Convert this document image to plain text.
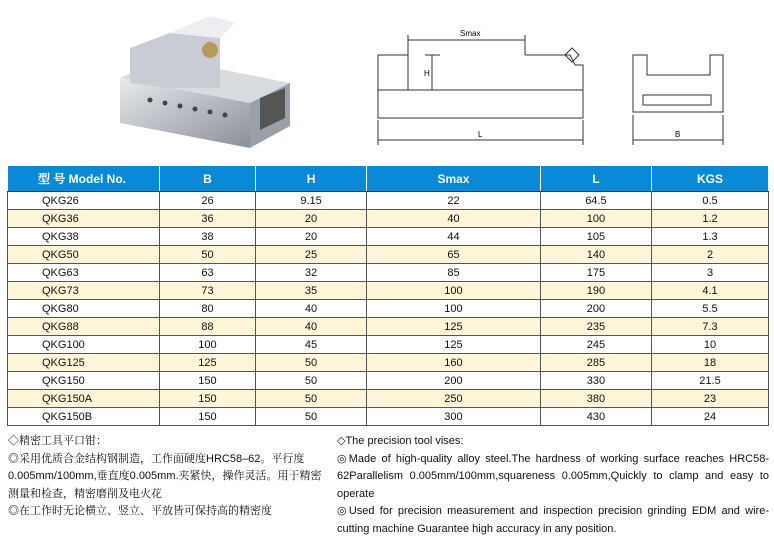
Smax
H
L	B
型 号 Model No.	B	H	Smax	L	KGS
QKG26	26	9.15	22	64.5	0.5
QKG36	36	20	40	100	1.2
QKG38	38	20	44	105	1.3
QKG50	50	25	65	140	2
QKG63	63	32	85	175	3
QKG73	73	35	100	190	4.1
QKG80	80	40	100	200	5.5
QKG88	88	40	125	235	7.3
QKG100	100	45	125	245	10
QKG125	125	50	160	285	18
QKG150	150	50	200	330	21.5
QKG150A	150	50	250	380	23
QKG150B	150	50	300	430	24

◇精密工具平口钳：

◎采用优质合金结构钢制造，工作面硬度HRC58–62。平行度0.005mm/100mm,垂直度0.005mm.夹紧快，操作灵活。用于精密测量和检查，精密磨削及电火花

◎在工作时无论横立、竖立、平放皆可保持高的精密度

◇The precision tool vises:

◎Made of high-quality alloy steel.The hardness of working surface reaches HRC58-62Parallelism 0.005mm/100mm,squareness 0.005mm,Quickly to clamp and easy to operate

◎Used for precision measurement and inspection precision grinding EDM and wire-cutting machine Guarantee high accuracy in any position.
